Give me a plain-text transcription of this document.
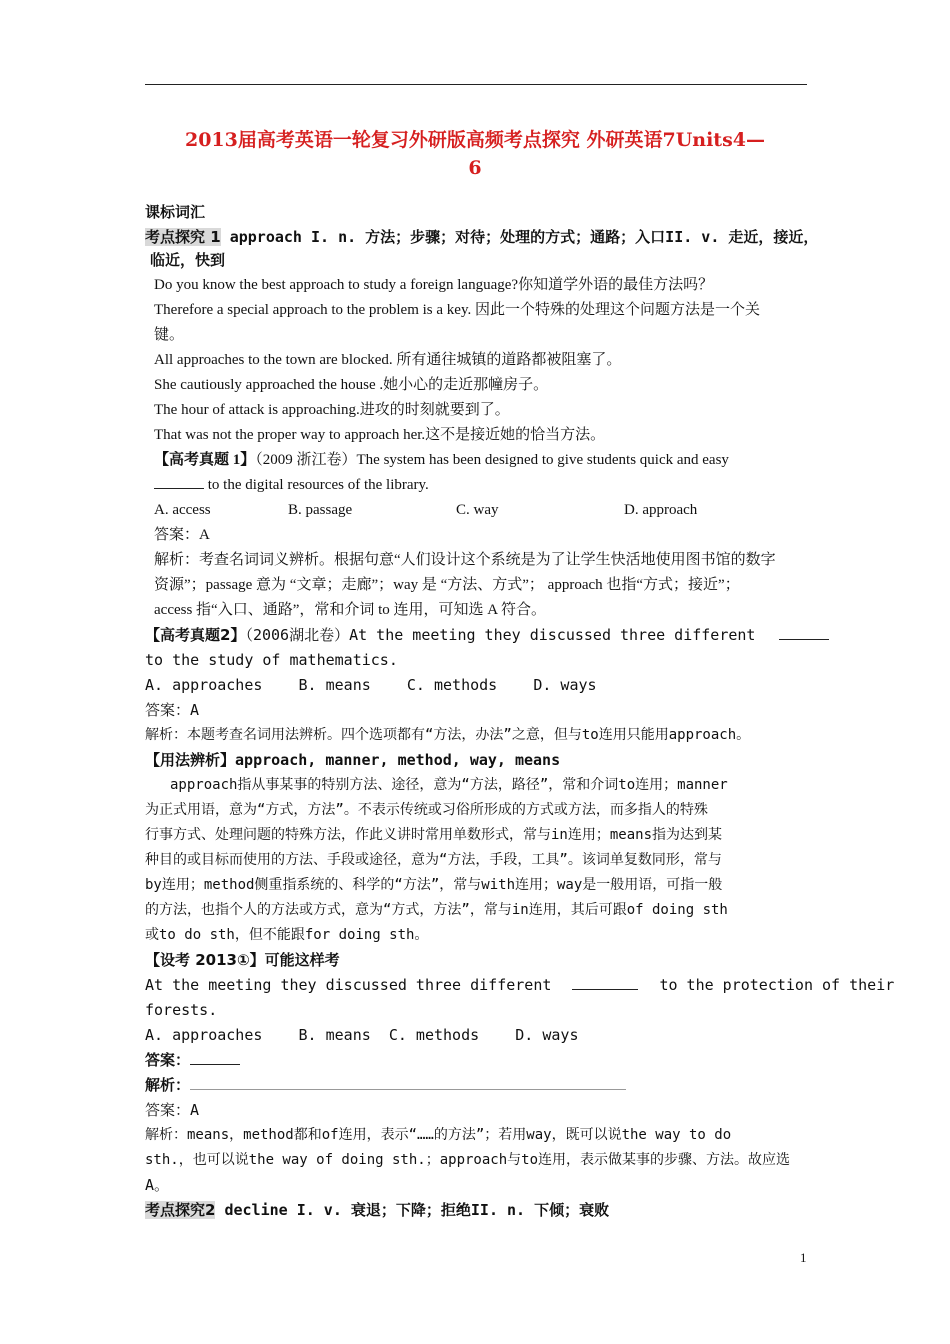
2013届高考英语一轮复习外研版高频考点探究 外研英语7Units4—
6
课标词汇
考点探究 1 approach I. n. 方法；步骤；对待；处理的方式；通路；入口II. v. 走近，接近，
临近，快到
Do you know the best approach to study a foreign language?你知道学外语的最佳方法吗？
Therefore a special approach to the problem is a key. 因此一个特殊的处理这个问题方法是一个关
键。
All approaches to the town are blocked. 所有通往城镇的道路都被阻塞了。
She cautiously approached the house .她小心的走近那幢房子。
The hour of attack is approaching.进攻的时刻就要到了。
That was not the proper way to approach her.这不是接近她的恰当方法。
【高考真题 1】（2009 浙江卷）The system has been designed to give students quick and easy
to the digital resources of the library.
A. access	B. passage	C. way	D. approach
答案：A
解析：考查名词词义辨析。根据句意“人们设计这个系统是为了让学生快活地使用图书馆的数字
资源”；passage 意为 “文章；走廊”；way 是 “方法、方式”； approach 也指“方式；接近”；
access 指“入口、通路”，常和介词 to 连用，可知选 A 符合。
【高考真题2】（2006湖北卷）At the meeting they discussed three different
to the study of mathematics.
A. approaches    B. means    C. methods    D. ways
答案：A
解析：本题考查名词用法辨析。四个选项都有“方法，办法”之意，但与to连用只能用approach。
【用法辨析】approach, manner, method, way, means
approach指从事某事的特别方法、途径，意为“方法，路径”，常和介词to连用；manner
为正式用语，意为“方式，方法”。不表示传统或习俗所形成的方式或方法，而多指人的特殊
行事方式、处理问题的特殊方法，作此义讲时常用单数形式，常与in连用；means指为达到某
种目的或目标而使用的方法、手段或途径，意为“方法，手段，工具”。该词单复数同形，常与
by连用；method侧重指系统的、科学的“方法”，常与with连用；way是一般用语，可指一般
的方法，也指个人的方法或方式，意为“方式，方法”，常与in连用，其后可跟of doing sth
或to do sth，但不能跟for doing sth。
【设考 2013①】可能这样考
At the meeting they discussed three different	to the protection of their
forests.
A. approaches    B. means  C. methods    D. ways
答案：
解析：
答案：A
解析：means，method都和of连用，表示“……的方法”；若用way，既可以说the way to do
sth.，也可以说the way of doing sth.；approach与to连用，表示做某事的步骤、方法。故应选
A。
考点探究2 decline I. v. 衰退；下降；拒绝II. n. 下倾；衰败
1
